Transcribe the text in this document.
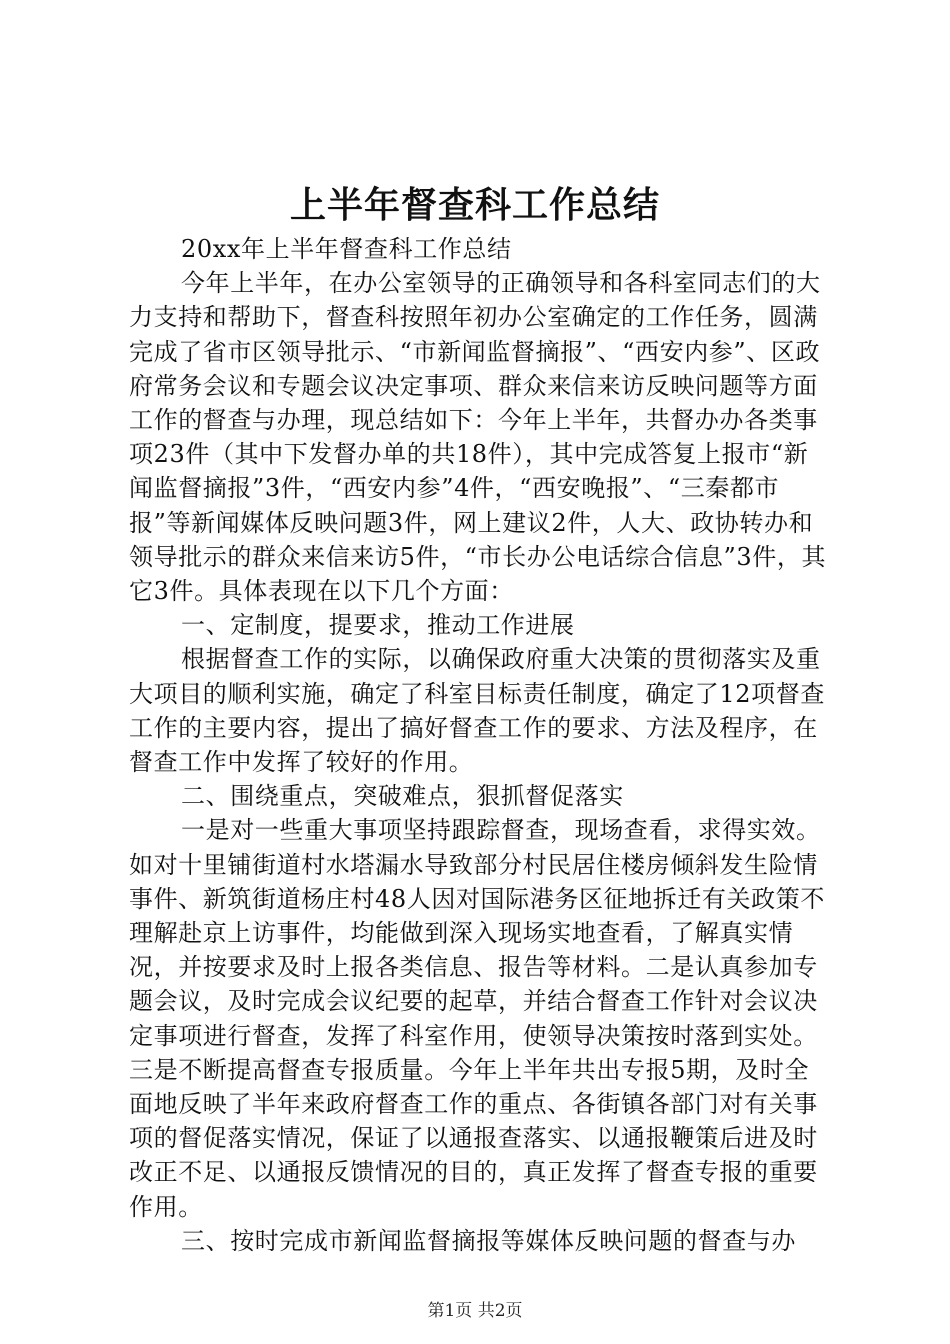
上半年督查科工作总结

20xx年上半年督查科工作总结

今年上半年，在办公室领导的正确领导和各科室同志们的大力支持和帮助下，督查科按照年初办公室确定的工作任务，圆满完成了省市区领导批示、“市新闻监督摘报”、“西安内参”、区政府常务会议和专题会议决定事项、群众来信来访反映问题等方面工作的督查与办理，现总结如下：今年上半年，共督办办各类事项23件（其中下发督办单的共18件），其中完成答复上报市“新闻监督摘报”3件，“西安内参”4件，“西安晚报”、“三秦都市报”等新闻媒体反映问题3件，网上建议2件，人大、政协转办和领导批示的群众来信来访5件，“市长办公电话综合信息”3件，其它3件。具体表现在以下几个方面：

一、定制度，提要求，推动工作进展

根据督查工作的实际，以确保政府重大决策的贯彻落实及重大项目的顺利实施，确定了科室目标责任制度，确定了12项督查工作的主要内容，提出了搞好督查工作的要求、方法及程序，在督查工作中发挥了较好的作用。

二、围绕重点，突破难点，狠抓督促落实

一是对一些重大事项坚持跟踪督查，现场查看，求得实效。如对十里铺街道村水塔漏水导致部分村民居住楼房倾斜发生险情事件、新筑街道杨庄村48人因对国际港务区征地拆迁有关政策不理解赴京上访事件，均能做到深入现场实地查看，了解真实情况，并按要求及时上报各类信息、报告等材料。二是认真参加专题会议，及时完成会议纪要的起草，并结合督查工作针对会议决定事项进行督查，发挥了科室作用，使领导决策按时落到实处。三是不断提高督查专报质量。今年上半年共出专报5期，及时全面地反映了半年来政府督查工作的重点、各街镇各部门对有关事项的督促落实情况，保证了以通报查落实、以通报鞭策后进及时改正不足、以通报反馈情况的目的，真正发挥了督查专报的重要作用。

三、按时完成市新闻监督摘报等媒体反映问题的督查与办

第1页 共2页
